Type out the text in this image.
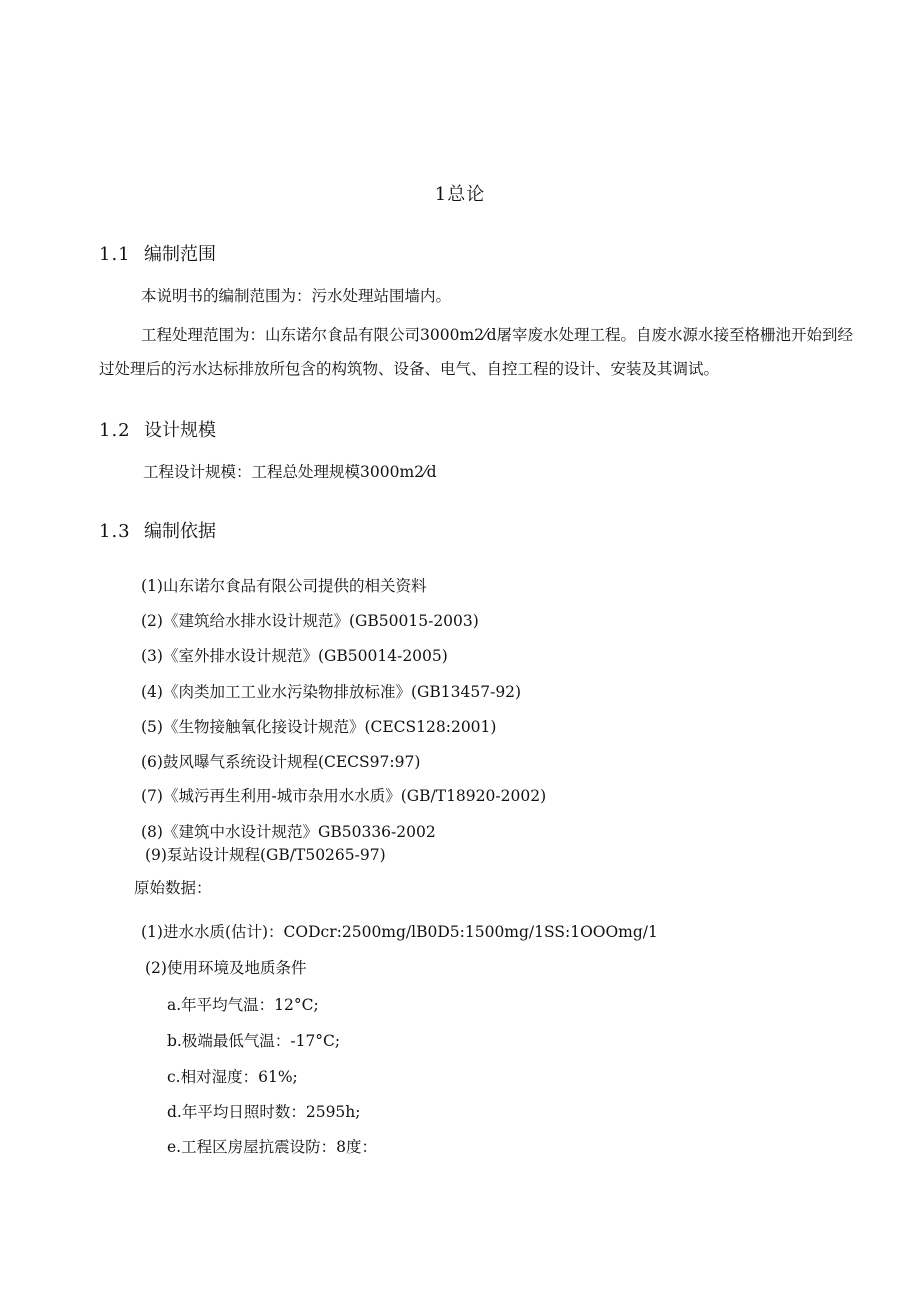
1总论
1.1 编制范围
本说明书的编制范围为：污水处理站围墙内。
工程处理范围为：山东诺尔食品有限公司3000m2⁄d屠宰废水处理工程。自废水源水接至格栅池开始到经过处理后的污水达标排放所包含的构筑物、设备、电气、自控工程的设计、安装及其调试。
1.2 设计规模
工程设计规模：工程总处理规模3000m2⁄d
1.3 编制依据
(1)山东诺尔食品有限公司提供的相关资料
(2)《建筑给水排水设计规范》(GB50015-2003)
(3)《室外排水设计规范》(GB50014-2005)
(4)《肉类加工工业水污染物排放标准》(GB13457-92)
(5)《生物接触氧化接设计规范》(CECS128:2001)
(6)鼓风曝气系统设计规程(CECS97:97)
(7)《城污再生利用-城市杂用水水质》(GB/T18920-2002)
(8)《建筑中水设计规范》GB50336-2002
(9)泵站设计规程(GB/T50265-97)
原始数据：
(1)进水水质(估计)：CODcr:2500mg/lB0D5:1500mg/1SS:1OOOmg/1
(2)使用环境及地质条件
a.年平均气温：12°C;
b.极端最低气温：-17°C;
c.相对湿度：61%;
d.年平均日照时数：2595h;
e.工程区房屋抗震设防：8度：
